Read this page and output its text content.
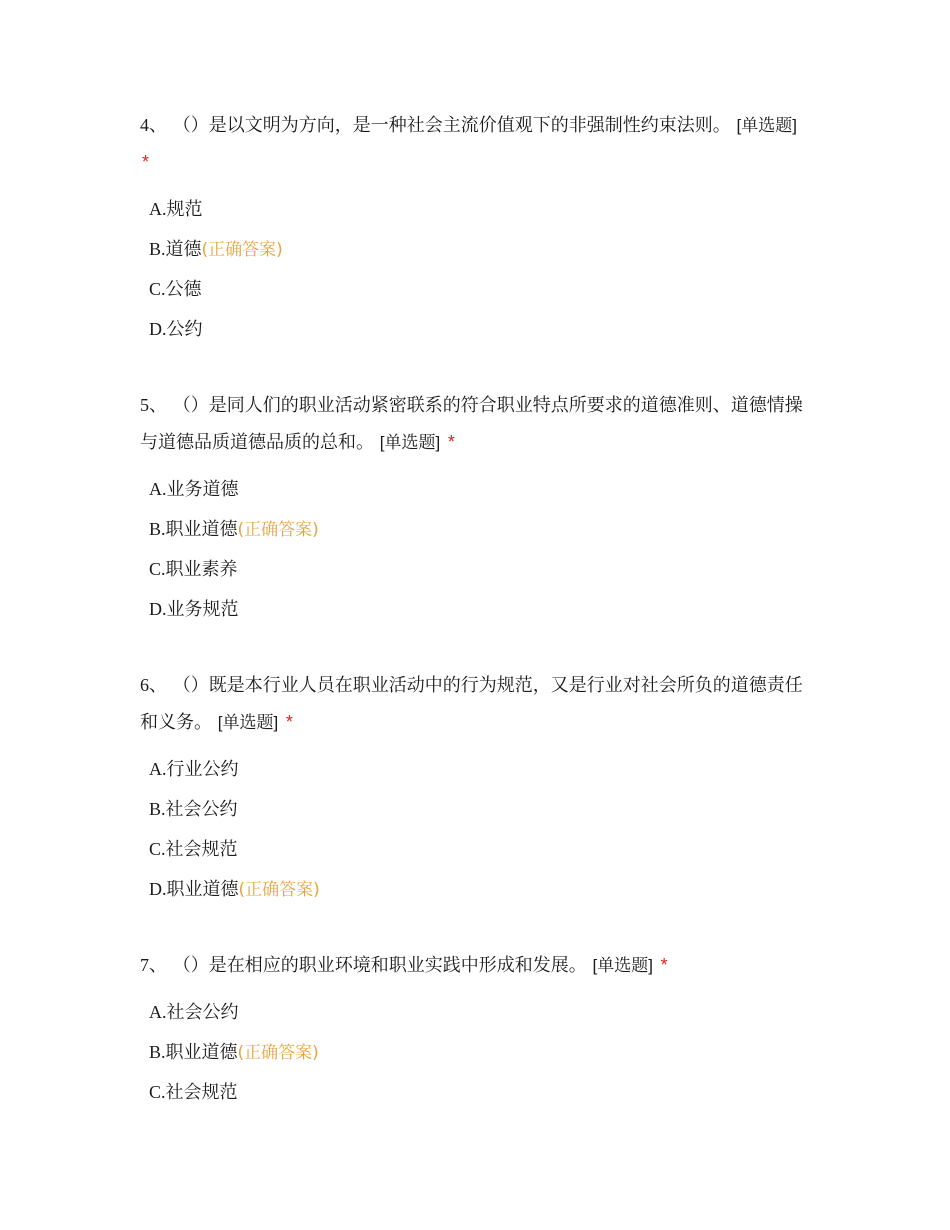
4、 （）是以文明为方向，是一种社会主流价值观下的非强制性约束法则。 [单选题] *

A.规范
B.道德(正确答案)
C.公德
D.公约

5、 （）是同人们的职业活动紧密联系的符合职业特点所要求的道德准则、道德情操与道德品质道德品质的总和。 [单选题] *

A.业务道德
B.职业道德(正确答案)
C.职业素养
D.业务规范

6、 （）既是本行业人员在职业活动中的行为规范，又是行业对社会所负的道德责任和义务。 [单选题] *

A.行业公约
B.社会公约
C.社会规范
D.职业道德(正确答案)

7、 （）是在相应的职业环境和职业实践中形成和发展。 [单选题] *

A.社会公约
B.职业道德(正确答案)
C.社会规范
